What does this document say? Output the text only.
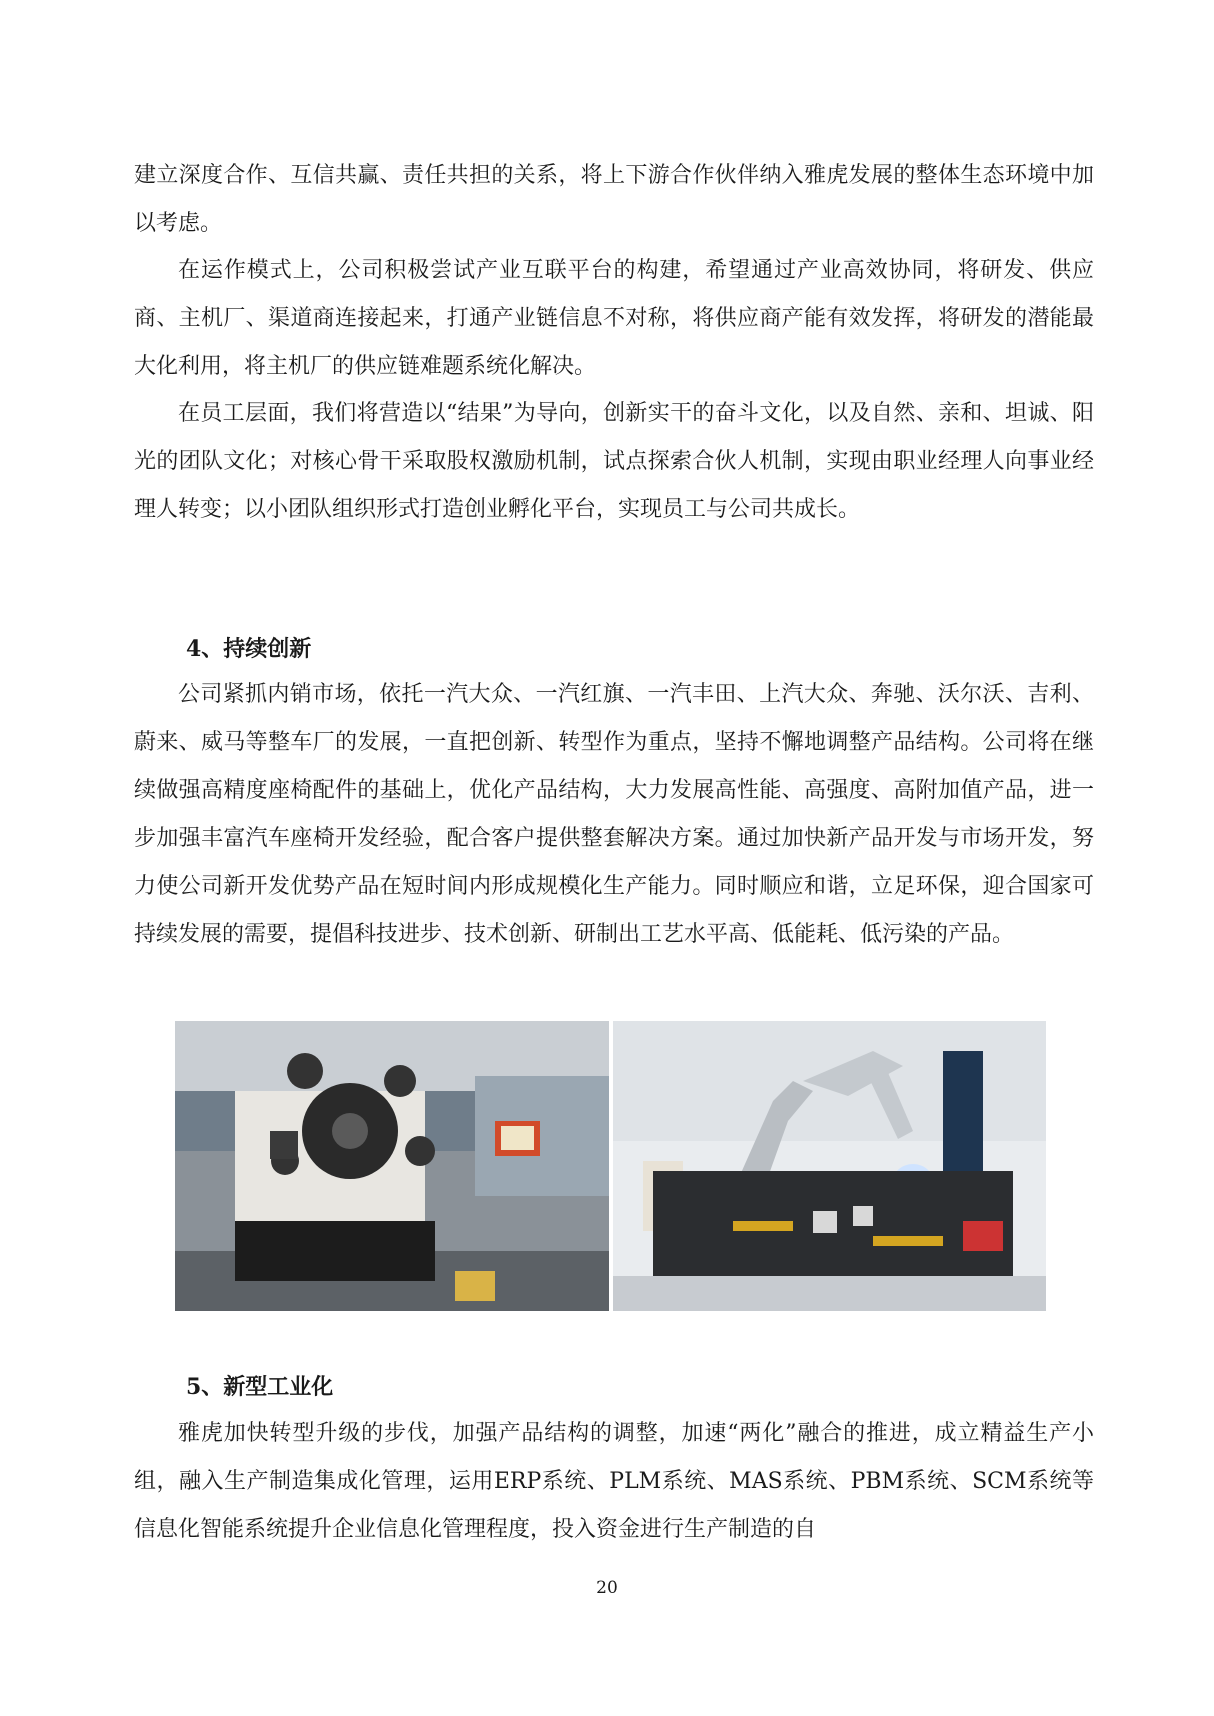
建立深度合作、互信共赢、责任共担的关系，将上下游合作伙伴纳入雅虎发展的整体生态环境中加以考虑。

在运作模式上，公司积极尝试产业互联平台的构建，希望通过产业高效协同，将研发、供应商、主机厂、渠道商连接起来，打通产业链信息不对称，将供应商产能有效发挥，将研发的潜能最大化利用，将主机厂的供应链难题系统化解决。

在员工层面，我们将营造以“结果”为导向，创新实干的奋斗文化，以及自然、亲和、坦诚、阳光的团队文化；对核心骨干采取股权激励机制，试点探索合伙人机制，实现由职业经理人向事业经理人转变；以小团队组织形式打造创业孵化平台，实现员工与公司共成长。

4、持续创新

公司紧抓内销市场，依托一汽大众、一汽红旗、一汽丰田、上汽大众、奔驰、沃尔沃、吉利、蔚来、威马等整车厂的发展，一直把创新、转型作为重点，坚持不懈地调整产品结构。公司将在继续做强高精度座椅配件的基础上，优化产品结构，大力发展高性能、高强度、高附加值产品，进一步加强丰富汽车座椅开发经验，配合客户提供整套解决方案。通过加快新产品开发与市场开发，努力使公司新开发优势产品在短时间内形成规模化生产能力。同时顺应和谐，立足环保，迎合国家可持续发展的需要，提倡科技进步、技术创新、研制出工艺水平高、低能耗、低污染的产品。

5、新型工业化

雅虎加快转型升级的步伐，加强产品结构的调整，加速“两化”融合的推进，成立精益生产小组，融入生产制造集成化管理，运用ERP系统、PLM系统、MAS系统、PBM系统、SCM系统等信息化智能系统提升企业信息化管理程度，投入资金进行生产制造的自

20
